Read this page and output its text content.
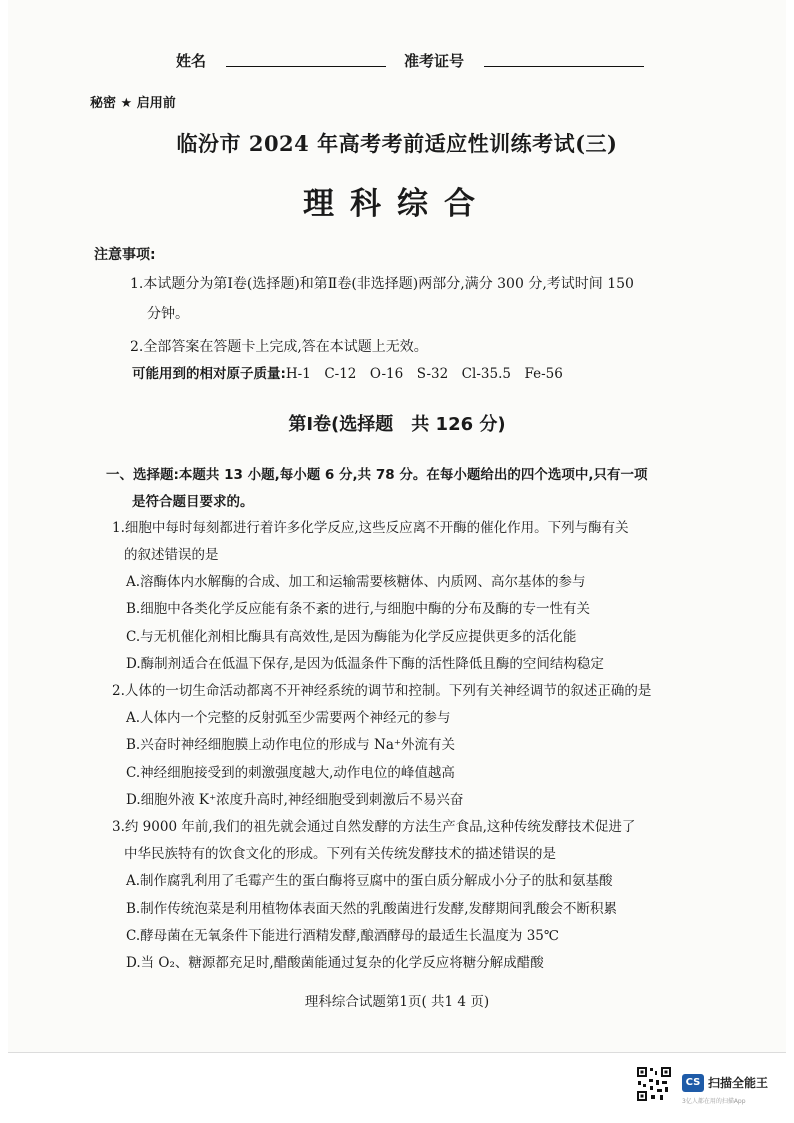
姓名	准考证号
秘密 ★ 启用前
临汾市 2024 年高考考前适应性训练考试(三)
理科综合
注意事项:
1.本试题分为第Ⅰ卷(选择题)和第Ⅱ卷(非选择题)两部分,满分 300 分,考试时间 150
分钟。
2.全部答案在答题卡上完成,答在本试题上无效。
可能用到的相对原子质量:H-1　C-12　O-16　S-32　Cl-35.5　Fe-56
第Ⅰ卷(选择题　共 126 分)
一、选择题:本题共 13 小题,每小题 6 分,共 78 分。在每小题给出的四个选项中,只有一项
是符合题目要求的。
1.细胞中每时每刻都进行着许多化学反应,这些反应离不开酶的催化作用。下列与酶有关
的叙述错误的是
A.溶酶体内水解酶的合成、加工和运输需要核糖体、内质网、高尔基体的参与
B.细胞中各类化学反应能有条不紊的进行,与细胞中酶的分布及酶的专一性有关
C.与无机催化剂相比酶具有高效性,是因为酶能为化学反应提供更多的活化能
D.酶制剂适合在低温下保存,是因为低温条件下酶的活性降低且酶的空间结构稳定
2.人体的一切生命活动都离不开神经系统的调节和控制。下列有关神经调节的叙述正确的是
A.人体内一个完整的反射弧至少需要两个神经元的参与
B.兴奋时神经细胞膜上动作电位的形成与 Na⁺外流有关
C.神经细胞接受到的刺激强度越大,动作电位的峰值越高
D.细胞外液 K⁺浓度升高时,神经细胞受到刺激后不易兴奋
3.约 9000 年前,我们的祖先就会通过自然发酵的方法生产食品,这种传统发酵技术促进了
中华民族特有的饮食文化的形成。下列有关传统发酵技术的描述错误的是
A.制作腐乳利用了毛霉产生的蛋白酶将豆腐中的蛋白质分解成小分子的肽和氨基酸
B.制作传统泡菜是利用植物体表面天然的乳酸菌进行发酵,发酵期间乳酸会不断积累
C.酵母菌在无氧条件下能进行酒精发酵,酿酒酵母的最适生长温度为 35℃
D.当 O₂、糖源都充足时,醋酸菌能通过复杂的化学反应将糖分解成醋酸
理科综合试题第1页( 共1 4 页)
CS 扫描全能王
3亿人都在用的扫描App
